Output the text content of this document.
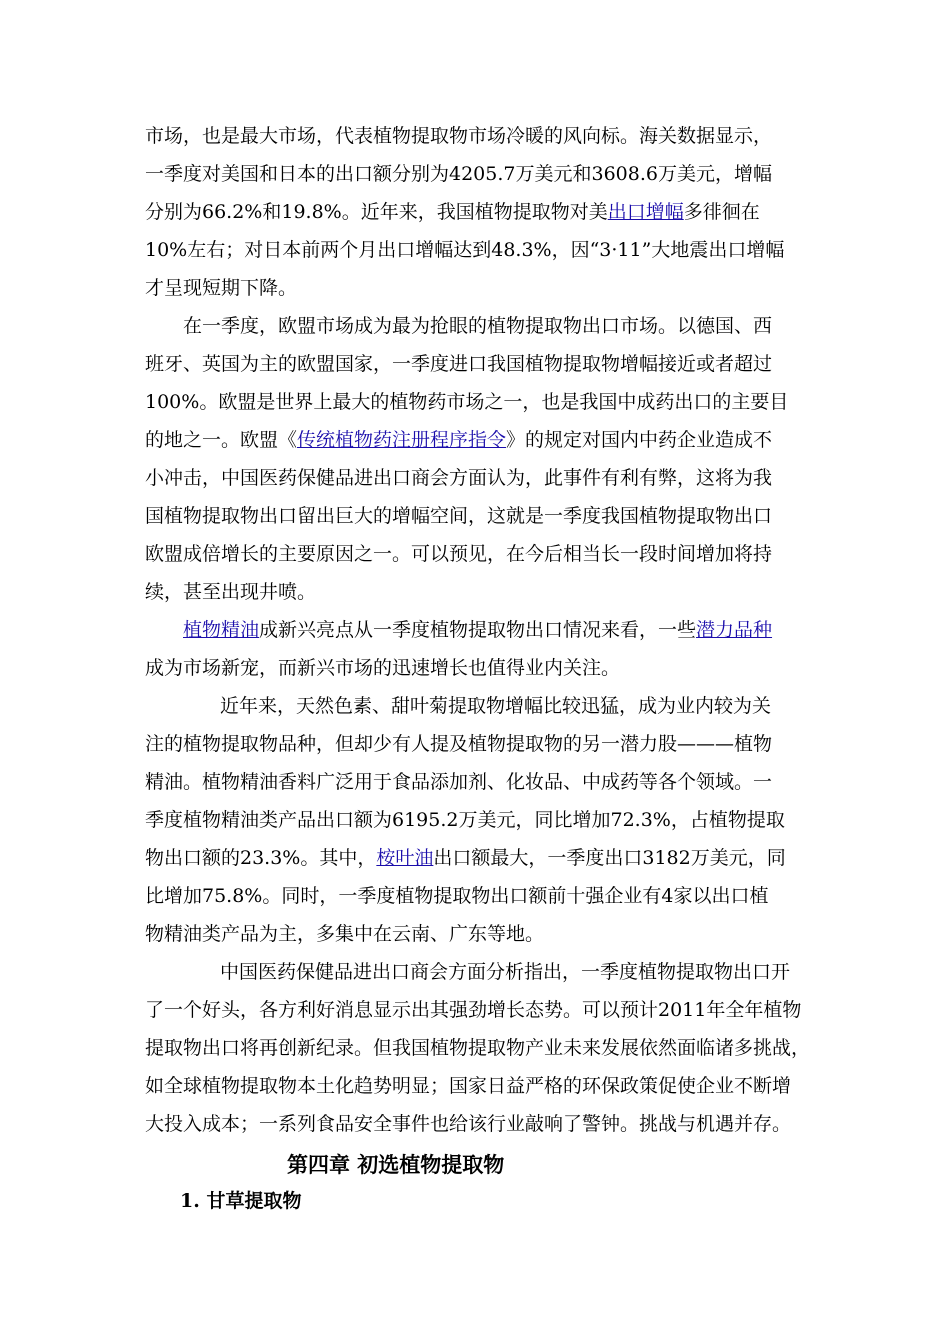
市场，也是最大市场，代表植物提取物市场冷暖的风向标。海关数据显示，
一季度对美国和日本的出口额分别为4205.7万美元和3608.6万美元，增幅
分别为66.2%和19.8%。近年来，我国植物提取物对美出口增幅多徘徊在
10%左右；对日本前两个月出口增幅达到48.3%，因“3·11”大地震出口增幅
才呈现短期下降。
在一季度，欧盟市场成为最为抢眼的植物提取物出口市场。以德国、西
班牙、英国为主的欧盟国家，一季度进口我国植物提取物增幅接近或者超过
100%。欧盟是世界上最大的植物药市场之一，也是我国中成药出口的主要目
的地之一。欧盟《传统植物药注册程序指令》的规定对国内中药企业造成不
小冲击，中国医药保健品进出口商会方面认为，此事件有利有弊，这将为我
国植物提取物出口留出巨大的增幅空间，这就是一季度我国植物提取物出口
欧盟成倍增长的主要原因之一。可以预见，在今后相当长一段时间增加将持
续，甚至出现井喷。
植物精油成新兴亮点从一季度植物提取物出口情况来看，一些潜力品种
成为市场新宠，而新兴市场的迅速增长也值得业内关注。
近年来，天然色素、甜叶菊提取物增幅比较迅猛，成为业内较为关
注的植物提取物品种，但却少有人提及植物提取物的另一潜力股———植物
精油。植物精油香料广泛用于食品添加剂、化妆品、中成药等各个领域。一
季度植物精油类产品出口额为6195.2万美元，同比增加72.3%，占植物提取
物出口额的23.3%。其中，桉叶油出口额最大，一季度出口3182万美元，同
比增加75.8%。同时，一季度植物提取物出口额前十强企业有4家以出口植
物精油类产品为主，多集中在云南、广东等地。
中国医药保健品进出口商会方面分析指出，一季度植物提取物出口开
了一个好头，各方利好消息显示出其强劲增长态势。可以预计2011年全年植物
提取物出口将再创新纪录。但我国植物提取物产业未来发展依然面临诸多挑战，
如全球植物提取物本土化趋势明显；国家日益严格的环保政策促使企业不断增
大投入成本；一系列食品安全事件也给该行业敲响了警钟。挑战与机遇并存。
第四章 初选植物提取物
1. 甘草提取物
